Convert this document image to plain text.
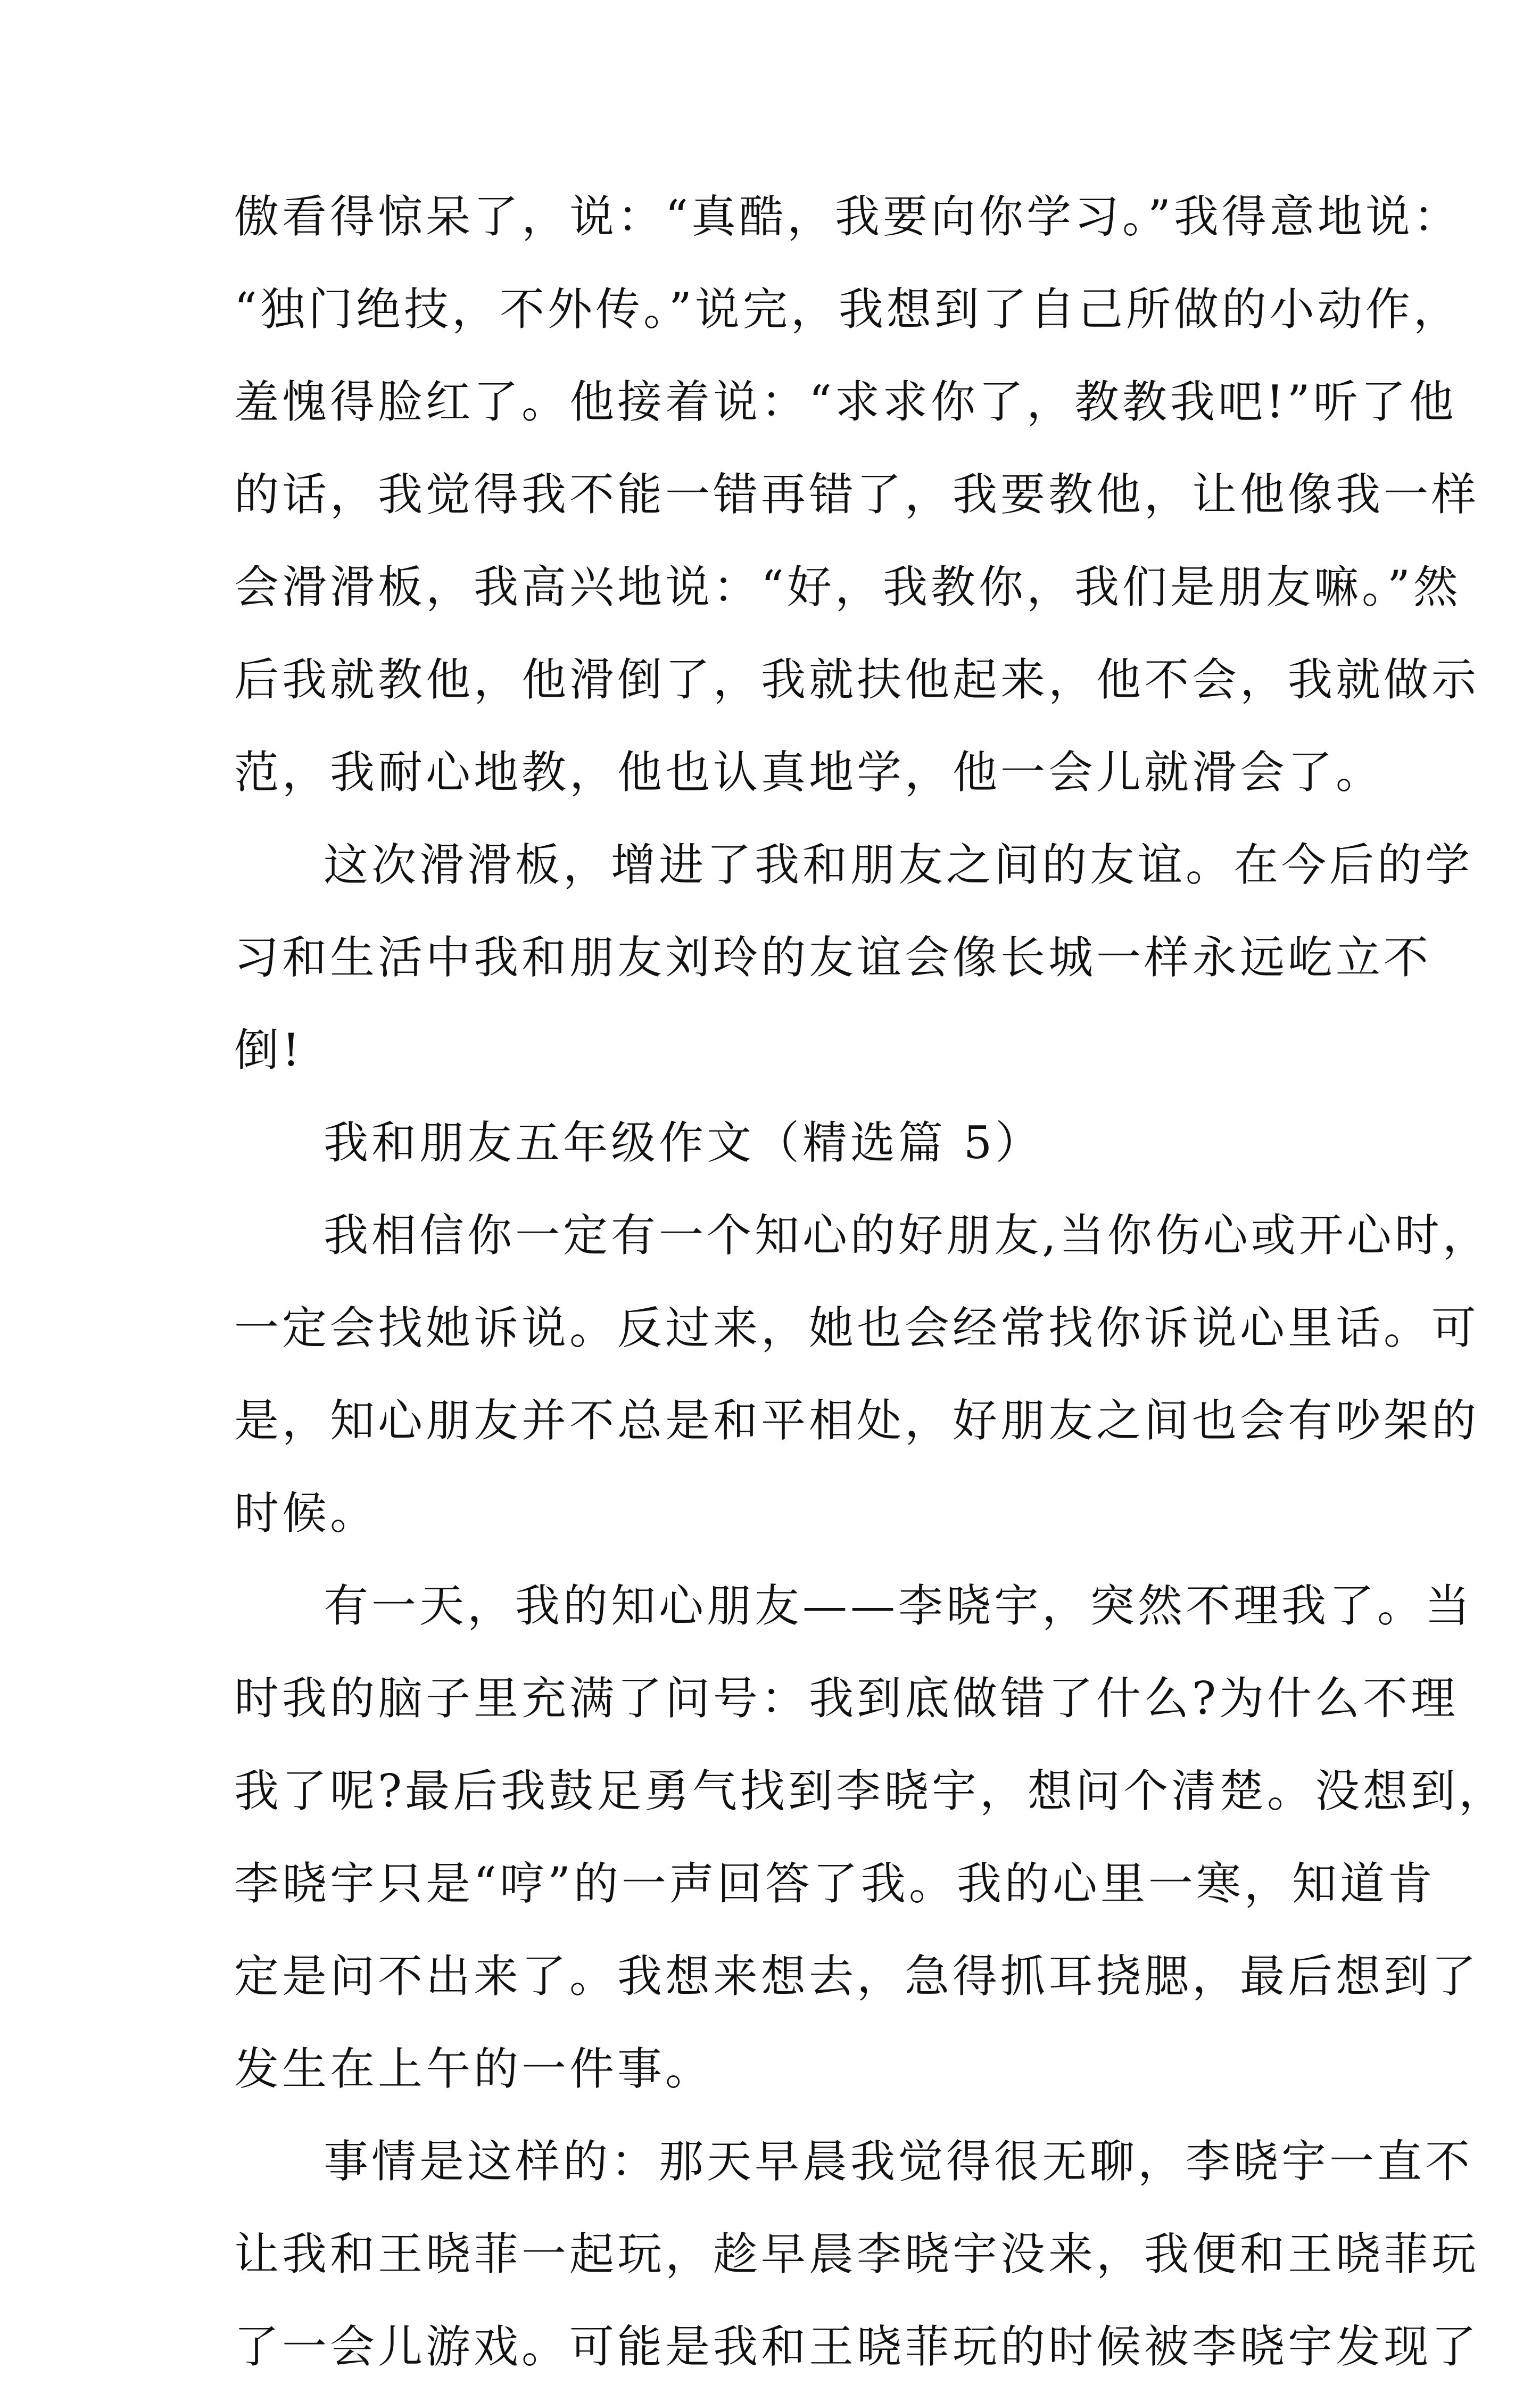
傲看得惊呆了，说：“真酷，我要向你学习。”我得意地说：
“独门绝技，不外传。”说完，我想到了自己所做的小动作，
羞愧得脸红了。他接着说：“求求你了，教教我吧!”听了他
的话，我觉得我不能一错再错了，我要教他，让他像我一样
会滑滑板，我高兴地说：“好，我教你，我们是朋友嘛。”然
后我就教他，他滑倒了，我就扶他起来，他不会，我就做示
范，我耐心地教，他也认真地学，他一会儿就滑会了。
这次滑滑板，增进了我和朋友之间的友谊。在今后的学
习和生活中我和朋友刘玲的友谊会像长城一样永远屹立不
倒!
我和朋友五年级作文（精选篇 5）
我相信你一定有一个知心的好朋友,当你伤心或开心时，
一定会找她诉说。反过来，她也会经常找你诉说心里话。可
是，知心朋友并不总是和平相处，好朋友之间也会有吵架的
时候。
有一天，我的知心朋友——李晓宇，突然不理我了。当
时我的脑子里充满了问号：我到底做错了什么?为什么不理
我了呢?最后我鼓足勇气找到李晓宇，想问个清楚。没想到，
李晓宇只是“哼”的一声回答了我。我的心里一寒，知道肯
定是问不出来了。我想来想去，急得抓耳挠腮，最后想到了
发生在上午的一件事。
事情是这样的：那天早晨我觉得很无聊，李晓宇一直不
让我和王晓菲一起玩，趁早晨李晓宇没来，我便和王晓菲玩
了一会儿游戏。可能是我和王晓菲玩的时候被李晓宇发现了
